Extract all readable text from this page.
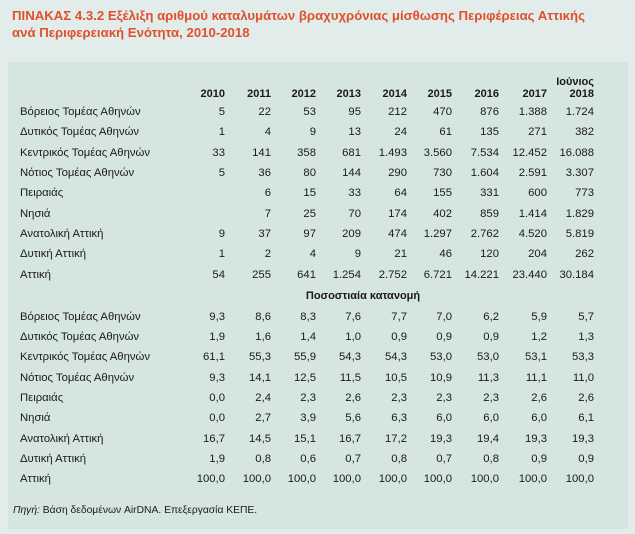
ΠΙΝΑΚΑΣ 4.3.2 Εξέλιξη αριθμού καταλυμάτων βραχυχρόνιας μίσθωσης Περιφέρειας Αττικής
ανά Περιφερειακή Ενότητα, 2010-2018
	2010	2011	2012	2013	2014	2015	2016	2017	Ιούνιος
2018
Βόρειος Τομέας Αθηνών	5	22	53	95	212	470	876	1.388	1.724
Δυτικός Τομέας Αθηνών	1	4	9	13	24	61	135	271	382
Κεντρικός Τομέας Αθηνών	33	141	358	681	1.493	3.560	7.534	12.452	16.088
Νότιος Τομέας Αθηνών	5	36	80	144	290	730	1.604	2.591	3.307
Πειραιάς		6	15	33	64	155	331	600	773
Νησιά		7	25	70	174	402	859	1.414	1.829
Ανατολική Αττική	9	37	97	209	474	1.297	2.762	4.520	5.819
Δυτική Αττική	1	2	4	9	21	46	120	204	262
Αττική	54	255	641	1.254	2.752	6.721	14.221	23.440	30.184
Ποσοστιαία κατανομή									
Βόρειος Τομέας Αθηνών	9,3	8,6	8,3	7,6	7,7	7,0	6,2	5,9	5,7
Δυτικός Τομέας Αθηνών	1,9	1,6	1,4	1,0	0,9	0,9	0,9	1,2	1,3
Κεντρικός Τομέας Αθηνών	61,1	55,3	55,9	54,3	54,3	53,0	53,0	53,1	53,3
Νότιος Τομέας Αθηνών	9,3	14,1	12,5	11,5	10,5	10,9	11,3	11,1	11,0
Πειραιάς	0,0	2,4	2,3	2,6	2,3	2,3	2,3	2,6	2,6
Νησιά	0,0	2,7	3,9	5,6	6,3	6,0	6,0	6,0	6,1
Ανατολική Αττική	16,7	14,5	15,1	16,7	17,2	19,3	19,4	19,3	19,3
Δυτική Αττική	1,9	0,8	0,6	0,7	0,8	0,7	0,8	0,9	0,9
Αττική	100,0	100,0	100,0	100,0	100,0	100,0	100,0	100,0	100,0
Πηγή: Βάση δεδομένων AirDNA. Επεξεργασία ΚΕΠΕ.
